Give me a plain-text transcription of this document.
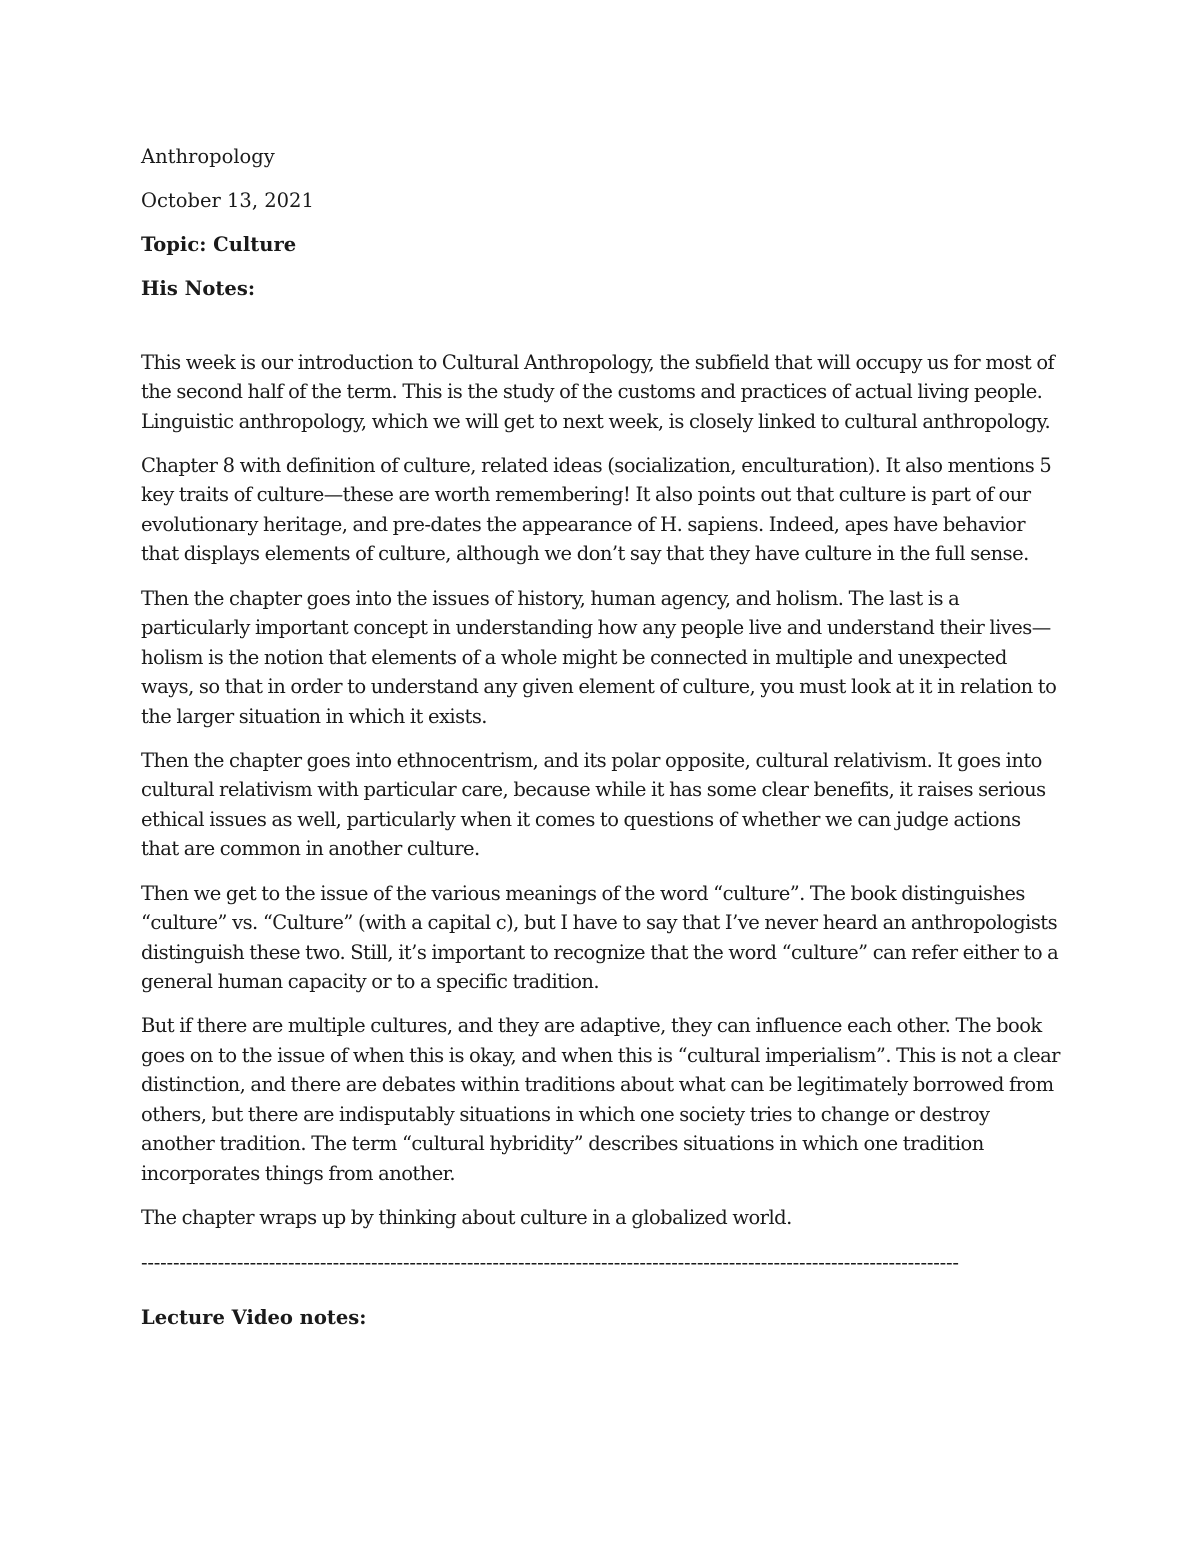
Anthropology

October 13, 2021

Topic: Culture

His Notes:

This week is our introduction to Cultural Anthropology, the subfield that will occupy us for most of the second half of the term. This is the study of the customs and practices of actual living people. Linguistic anthropology, which we will get to next week, is closely linked to cultural anthropology.

Chapter 8 with definition of culture, related ideas (socialization, enculturation). It also mentions 5 key traits of culture—these are worth remembering! It also points out that culture is part of our evolutionary heritage, and pre-dates the appearance of H. sapiens. Indeed, apes have behavior that displays elements of culture, although we don’t say that they have culture in the full sense.

Then the chapter goes into the issues of history, human agency, and holism. The last is a particularly important concept in understanding how any people live and understand their lives—holism is the notion that elements of a whole might be connected in multiple and unexpected ways, so that in order to understand any given element of culture, you must look at it in relation to the larger situation in which it exists.

Then the chapter goes into ethnocentrism, and its polar opposite, cultural relativism. It goes into cultural relativism with particular care, because while it has some clear benefits, it raises serious ethical issues as well, particularly when it comes to questions of whether we can judge actions that are common in another culture.

Then we get to the issue of the various meanings of the word “culture”. The book distinguishes “culture” vs. “Culture” (with a capital c), but I have to say that I’ve never heard an anthropologists distinguish these two. Still, it’s important to recognize that the word “culture” can refer either to a general human capacity or to a specific tradition.

But if there are multiple cultures, and they are adaptive, they can influence each other. The book goes on to the issue of when this is okay, and when this is “cultural imperialism”. This is not a clear distinction, and there are debates within traditions about what can be legitimately borrowed from others, but there are indisputably situations in which one society tries to change or destroy another tradition. The term “cultural hybridity” describes situations in which one tradition incorporates things from another.

The chapter wraps up by thinking about culture in a globalized world.

--------------------------------------------------------------------------------------------------------------------------------

Lecture Video notes:
